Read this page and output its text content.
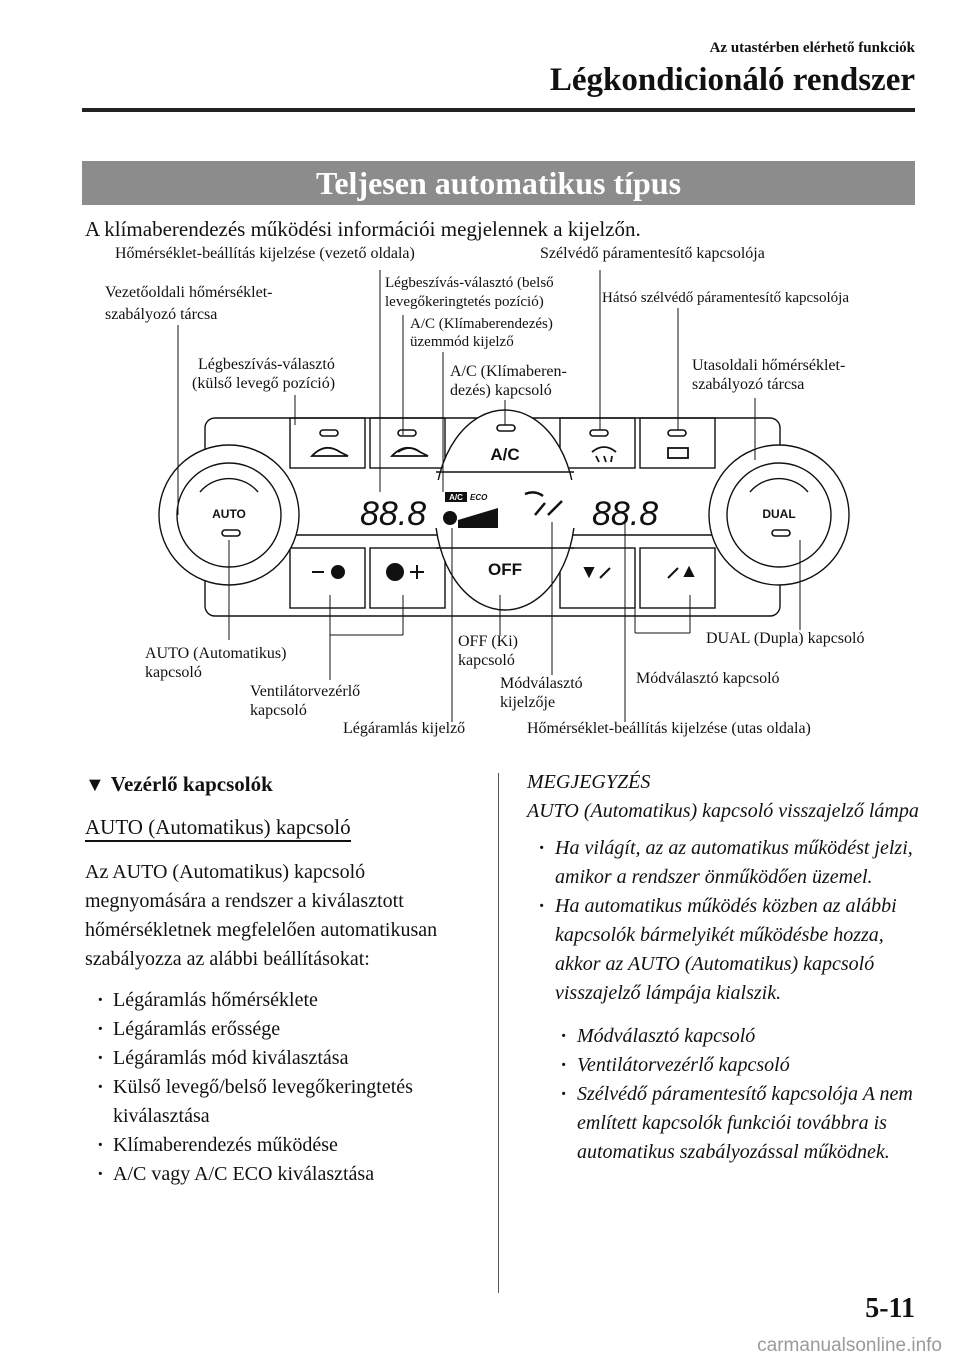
Az utastérben elérhető funkciók
Légkondicionáló rendszer
Teljesen automatikus típus
A klímaberendezés működési információi megjelennek a kijelzőn.
AUTO	DUAL
A/C
OFF
A/C ECO
88.8	88.8
Hőmérséklet-beállítás kijelzése (vezető oldala)	Szélvédő páramentesítő kapcsolója
Vezetőoldali hőmérséklet-
szabályozó tárcsa
Légbeszívás-választó (belső
levegőkeringtetés pozíció)	Hátsó szélvédő páramentesítő kapcsolója
A/C (Klímaberendezés)
üzemmód kijelző
Légbeszívás-választó
(külső levegő pozíció)
A/C (Klímaberen-
dezés) kapcsoló
Utasoldali hőmérséklet-
szabályozó tárcsa
AUTO (Automatikus)
kapcsoló
OFF (Ki)
kapcsoló
DUAL (Dupla) kapcsoló
Módválasztó
kijelzője
Módválasztó kapcsoló
Ventilátorvezérlő
kapcsoló
Légáramlás kijelző	Hőmérséklet-beállítás kijelzése (utas oldala)
▼ Vezérlő kapcsolók
AUTO (Automatikus) kapcsoló
Az AUTO (Automatikus) kapcsoló megnyomására a rendszer a kiválasztott hőmérsékletnek megfelelően automatikusan szabályozza az alábbi beállításokat:
· Légáramlás hőmérséklete
· Légáramlás erőssége
· Légáramlás mód kiválasztása
· Külső levegő/belső levegőkeringtetés kiválasztása
· Klímaberendezés működése
· A/C vagy A/C ECO kiválasztása
MEGJEGYZÉS
AUTO (Automatikus) kapcsoló visszajelző lámpa
· Ha világít, az az automatikus működést jelzi, amikor a rendszer önműködően üzemel.
· Ha automatikus működés közben az alábbi kapcsolók bármelyikét működésbe hozza, akkor az AUTO (Automatikus) kapcsoló visszajelző lámpája kialszik.
· Módválasztó kapcsoló
· Ventilátorvezérlő kapcsoló
· Szélvédő páramentesítő kapcsolója A nem említett kapcsolók funkciói továbbra is automatikus szabályozással működnek.
5-11
carmanualsonline.info
